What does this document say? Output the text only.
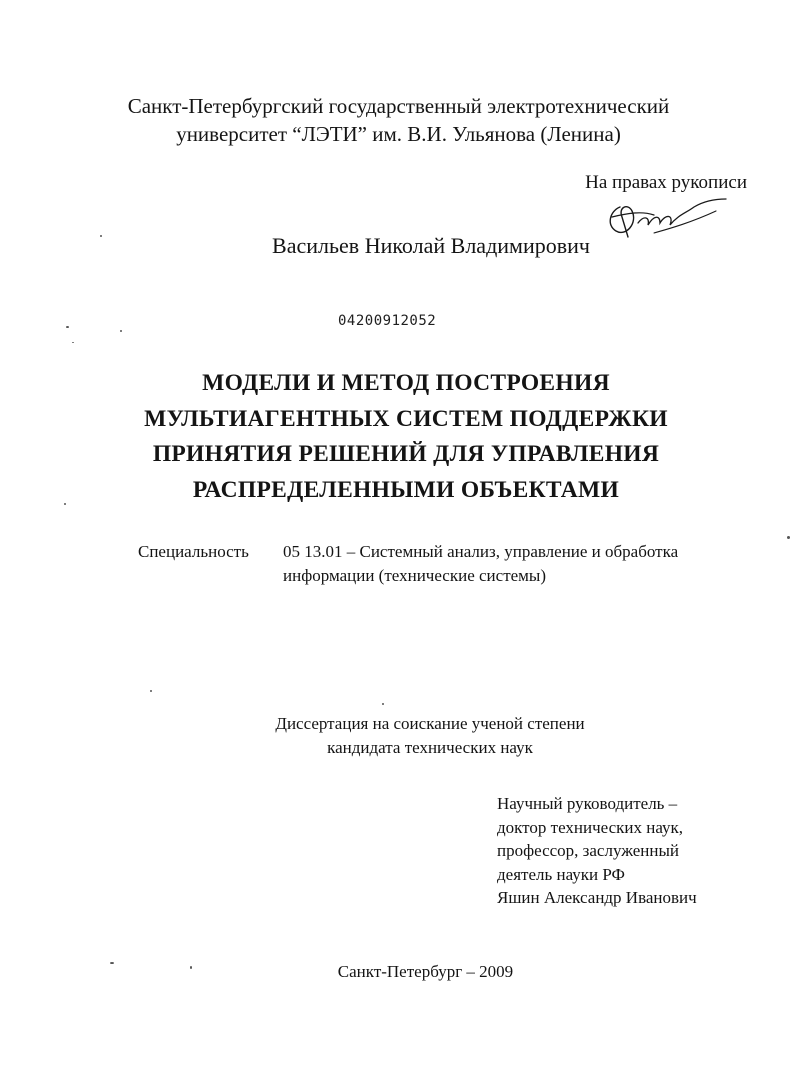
Санкт-Петербургский государственный электротехнический
университет “ЛЭТИ” им. В.И. Ульянова (Ленина)
На правах рукописи
Васильев Николай Владимирович
04200912052
МОДЕЛИ И МЕТОД ПОСТРОЕНИЯ
МУЛЬТИАГЕНТНЫХ СИСТЕМ ПОДДЕРЖКИ
ПРИНЯТИЯ РЕШЕНИЙ ДЛЯ УПРАВЛЕНИЯ
РАСПРЕДЕЛЕННЫМИ ОБЪЕКТАМИ
Специальность 05 13.01 – Системный анализ, управление и обработка
информации (технические системы)
Диссертация на соискание ученой степени
кандидата технических наук
Научный руководитель –
доктор технических наук,
профессор, заслуженный
деятель науки РФ
Яшин Александр Иванович
Санкт-Петербург – 2009
